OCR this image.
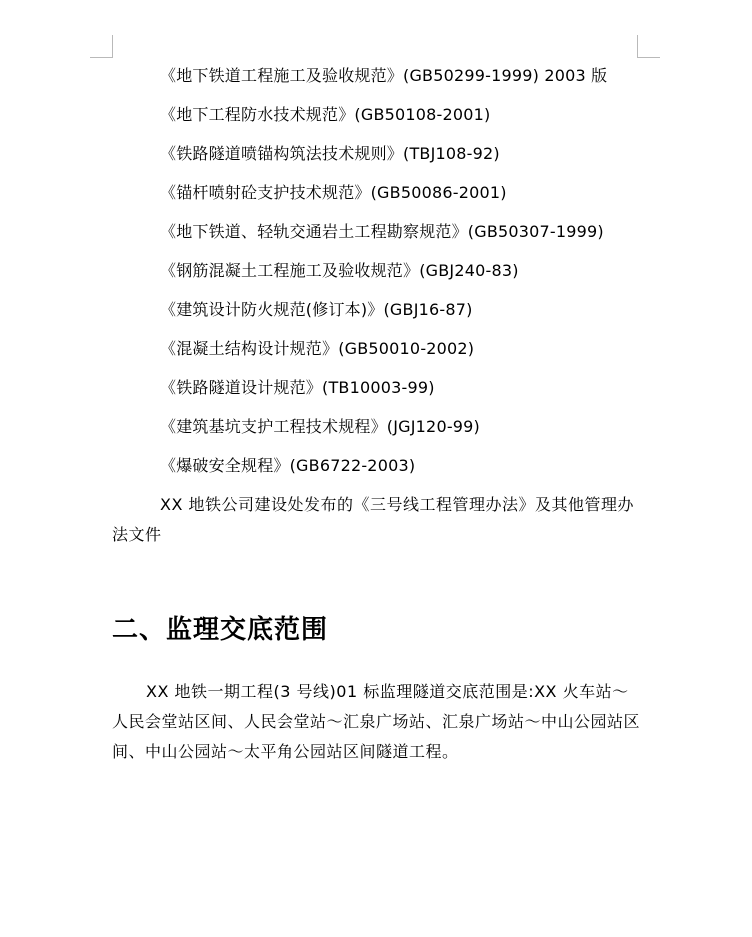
《地下铁道工程施工及验收规范》(GB50299-1999) 2003 版
《地下工程防水技术规范》(GB50108-2001)
《铁路隧道喷锚构筑法技术规则》(TBJ108-92)
《锚杆喷射砼支护技术规范》(GB50086-2001)
《地下铁道、轻轨交通岩土工程勘察规范》(GB50307-1999)
《钢筋混凝土工程施工及验收规范》(GBJ240-83)
《建筑设计防火规范(修订本)》(GBJ16-87)
《混凝土结构设计规范》(GB50010-2002)
《铁路隧道设计规范》(TB10003-99)
《建筑基坑支护工程技术规程》(JGJ120-99)
《爆破安全规程》(GB6722-2003)

XX 地铁公司建设处发布的《三号线工程管理办法》及其他管理办法文件

二、监理交底范围

XX 地铁一期工程(3 号线)01 标监理隧道交底范围是:XX 火车站～人民会堂站区间、人民会堂站～汇泉广场站、汇泉广场站～中山公园站区间、中山公园站～太平角公园站区间隧道工程。
